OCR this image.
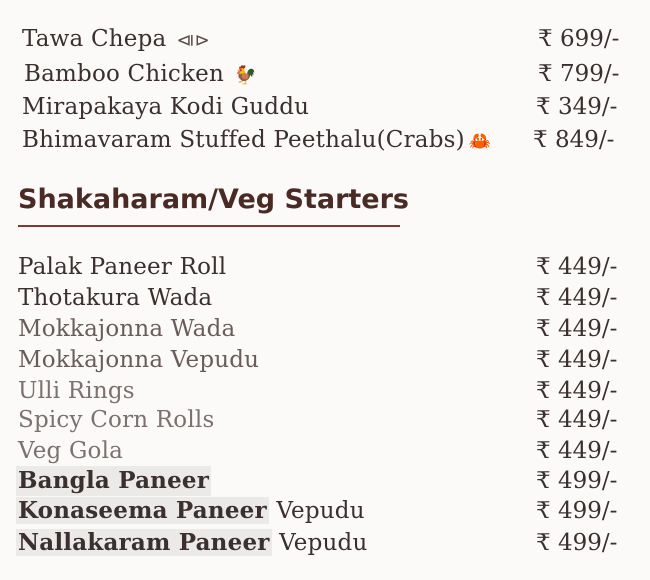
Tawa Chepa ⧏⊳	₹ 699/-
Bamboo Chicken 🐓	₹ 799/-
Mirapakaya Kodi Guddu	₹ 349/-
Bhimavaram Stuffed Peethalu(Crabs) 🦀 ₹ 849/-
Shakaharam/Veg Starters
Palak Paneer Roll	₹ 449/-
Thotakura Wada	₹ 449/-
Mokkajonna Wada	₹ 449/-
Mokkajonna Vepudu	₹ 449/-
Ulli Rings	₹ 449/-
Spicy Corn Rolls	₹ 449/-
Veg Gola	₹ 449/-
Bangla Paneer	₹ 499/-
Konaseema Paneer Vepudu	₹ 499/-
Nallakaram Paneer Vepudu	₹ 499/-
